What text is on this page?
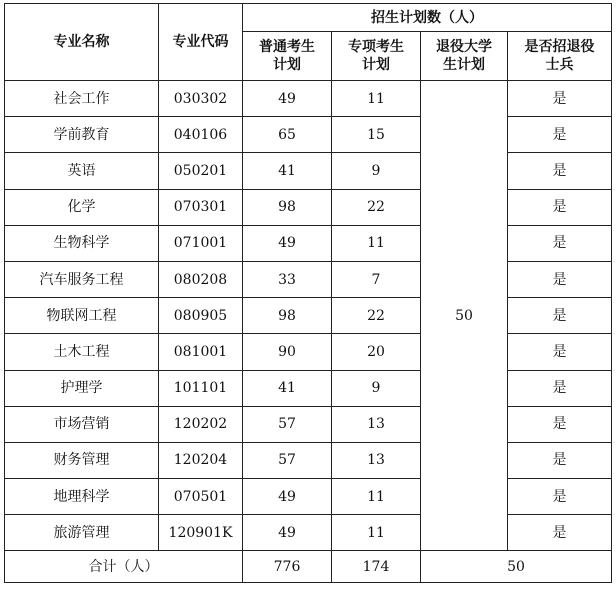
专业名称	专业代码	招生计划数（人）			
		普通考生计划	专项考生计划	退役大学生计划	是否招退役士兵
社会工作	030302	49	11	50	是
学前教育	040106	65	15		是
英语	050201	41	9		是
化学	070301	98	22		是
生物科学	071001	49	11		是
汽车服务工程	080208	33	7		是
物联网工程	080905	98	22		是
土木工程	081001	90	20		是
护理学	101101	41	9		是
市场营销	120202	57	13		是
财务管理	120204	57	13		是
地理科学	070501	49	11		是
旅游管理	120901K	49	11		是
合计（人）		776	174	50	
